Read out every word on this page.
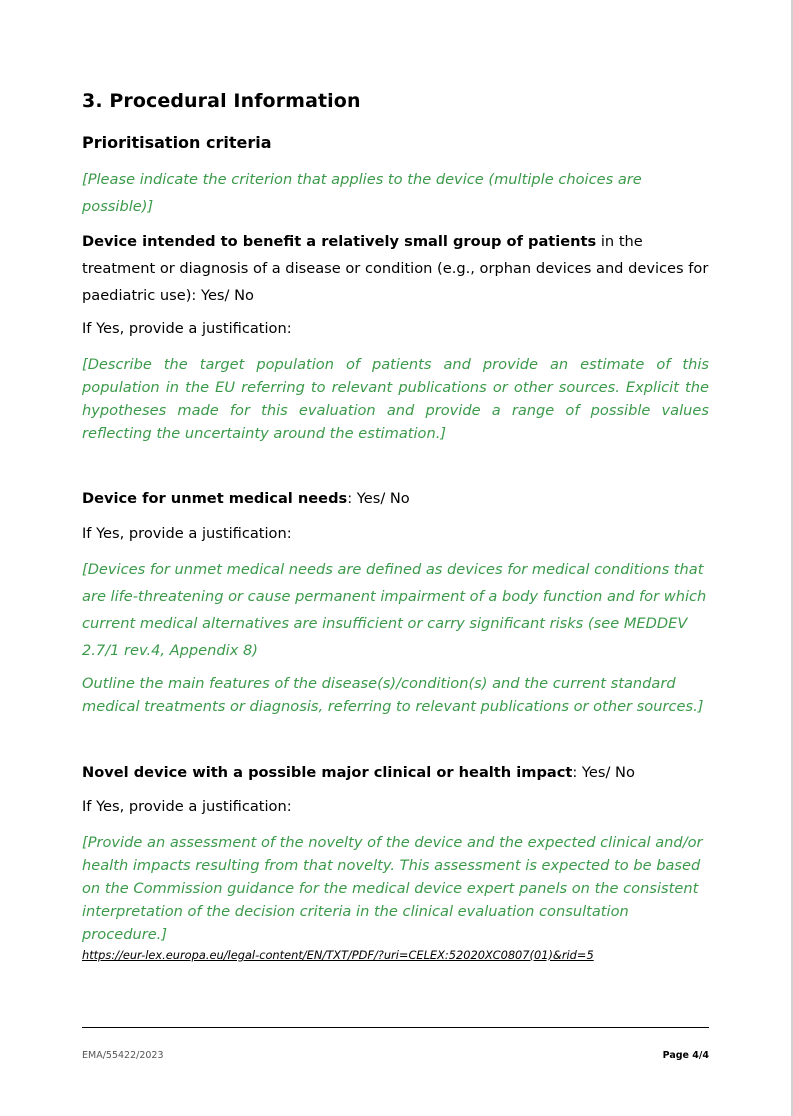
3. Procedural Information
Prioritisation criteria

[Please indicate the criterion that applies to the device (multiple choices are possible)]

Device intended to benefit a relatively small group of patients in the treatment or diagnosis of a disease or condition (e.g., orphan devices and devices for paediatric use): Yes/ No

If Yes, provide a justification:

[Describe the target population of patients and provide an estimate of this population in the EU referring to relevant publications or other sources. Explicit the hypotheses made for this evaluation and provide a range of possible values reflecting the uncertainty around the estimation.]

Device for unmet medical needs: Yes/ No

If Yes, provide a justification:

[Devices for unmet medical needs are defined as devices for medical conditions that are life-threatening or cause permanent impairment of a body function and for which current medical alternatives are insufficient or carry significant risks (see MEDDEV 2.7/1 rev.4, Appendix 8)

Outline the main features of the disease(s)/condition(s) and the current standard medical treatments or diagnosis, referring to relevant publications or other sources.]

Novel device with a possible major clinical or health impact: Yes/ No

If Yes, provide a justification:

[Provide an assessment of the novelty of the device and the expected clinical and/or health impacts resulting from that novelty. This assessment is expected to be based on the Commission guidance for the medical device expert panels on the consistent interpretation of the decision criteria in the clinical evaluation consultation procedure.]

https://eur-lex.europa.eu/legal-content/EN/TXT/PDF/?uri=CELEX:52020XC0807(01)&rid=5
EMA/55422/2023	Page 4/4
